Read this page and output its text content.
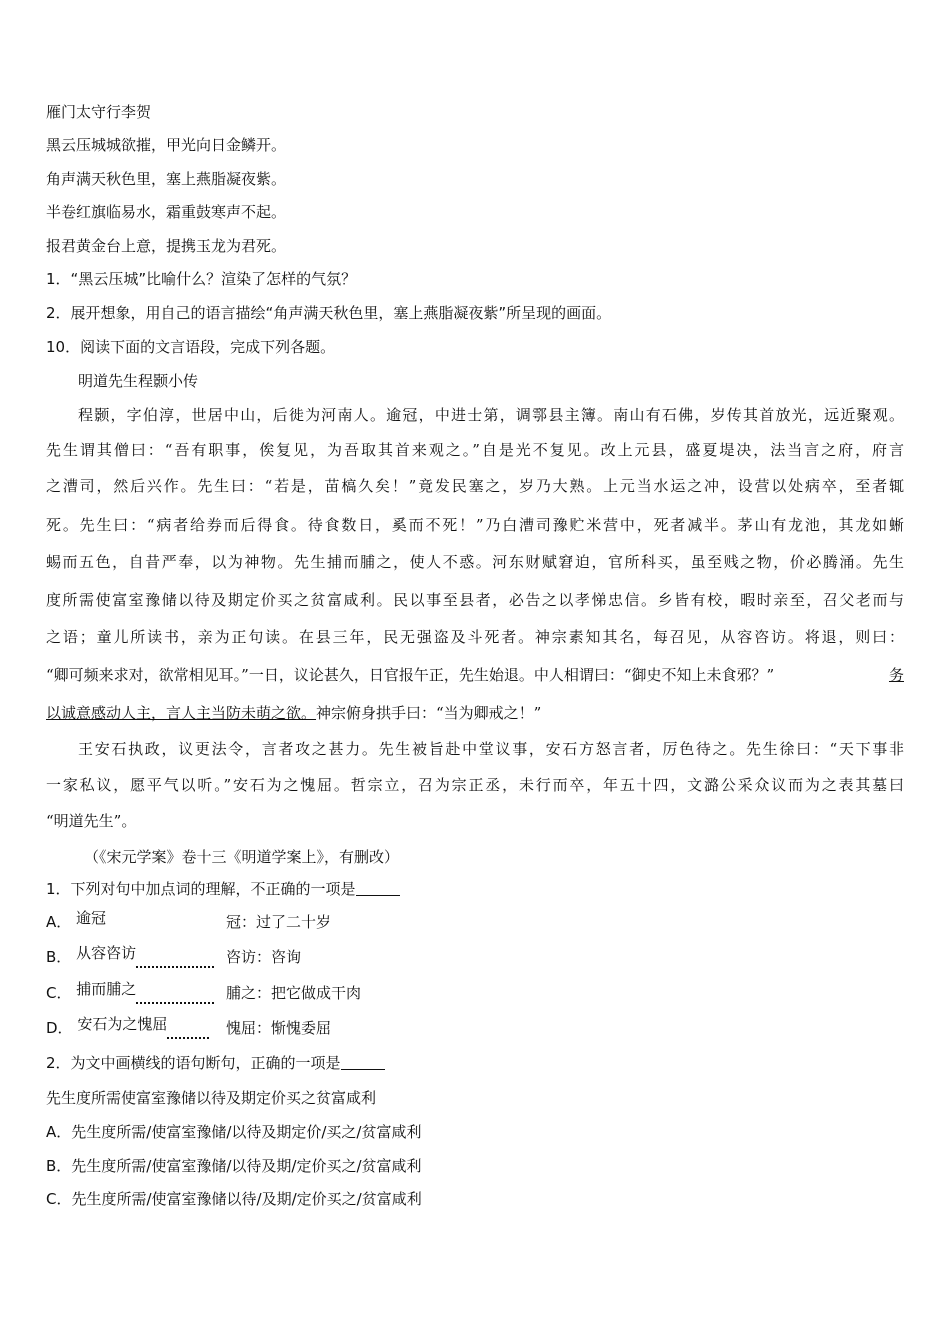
雁门太守行李贺
黑云压城城欲摧，甲光向日金鳞开。
角声满天秋色里，塞上燕脂凝夜紫。
半卷红旗临易水，霜重鼓寒声不起。
报君黄金台上意，提携玉龙为君死。
1．“黑云压城”比喻什么？渲染了怎样的气氛？
2．展开想象，用自己的语言描绘“角声满天秋色里，塞上燕脂凝夜紫”所呈现的画面。
10．阅读下面的文言语段，完成下列各题。
明道先生程颢小传
程颢，字伯淳，世居中山，后徙为河南人。逾冠，中进士第，调鄠县主簿。南山有石佛，岁传其首放光，远近聚观。
先生谓其僧曰：“吾有职事，俟复见，为吾取其首来观之。”自是光不复见。改上元县，盛夏堤决，法当言之府，府言
之漕司，然后兴作。先生曰：“若是，苗槁久矣！”竟发民塞之，岁乃大熟。上元当水运之冲，设营以处病卒，至者辄
死。先生曰：“病者给券而后得食。待食数日，奚而不死！”乃白漕司豫贮米营中，死者减半。茅山有龙池，其龙如蜥
蜴而五色，自昔严奉，以为神物。先生捕而脯之，使人不惑。河东财赋窘迫，官所科买，虽至贱之物，价必腾涌。先生
度所需使富室豫储以待及期定价买之贫富咸利。民以事至县者，必告之以孝悌忠信。乡皆有校，暇时亲至，召父老而与
之语；童儿所读书，亲为正句读。在县三年，民无强盗及斗死者。神宗素知其名，每召见，从容咨访。将退，则曰：
“卿可频来求对，欲常相见耳。”一日，议论甚久，日官报午正，先生始退。中人相谓曰：“御史不知上未食邪？”	务
以诚意感动人主，言人主当防未萌之欲。神宗俯身拱手曰：“当为卿戒之！”
王安石执政，议更法令，言者攻之甚力。先生被旨赴中堂议事，安石方怒言者，厉色待之。先生徐曰：“天下事非
一家私议，愿平气以听。”安石为之愧屈。哲宗立，召为宗正丞，未行而卒，年五十四，文潞公采众议而为之表其墓曰
“明道先生”。
（《宋元学案》卷十三《明道学案上》，有删改）
1．下列对句中加点词的理解，不正确的一项是
A． 逾冠	冠：过了二十岁
B． 从容咨访	咨访：咨询
C． 捕而脯之	脯之：把它做成干肉
D． 安石为之愧屈	愧屈：惭愧委屈
2．为文中画横线的语句断句，正确的一项是
先生度所需使富室豫储以待及期定价买之贫富咸利
A．先生度所需/使富室豫储/以待及期定价/买之/贫富咸利
B．先生度所需/使富室豫储/以待及期/定价买之/贫富咸利
C．先生度所需/使富室豫储以待/及期/定价买之/贫富咸利
